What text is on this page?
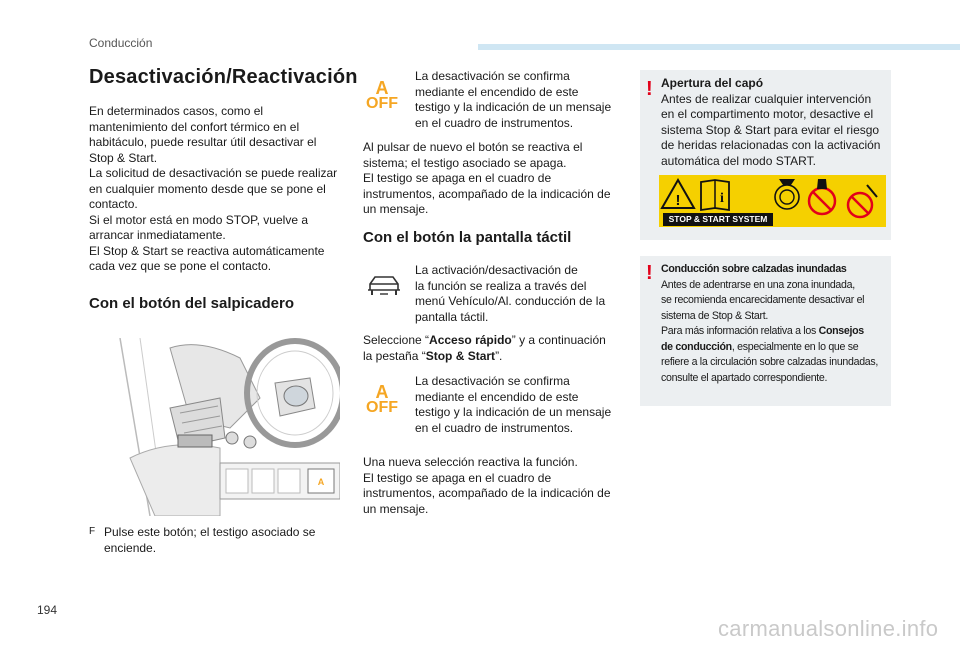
Conducción
Desactivación/Reactivación

En determinados casos, como el

mantenimiento del confort térmico en el

habitáculo, puede resultar útil desactivar el

Stop & Start.

La solicitud de desactivación se puede realizar

en cualquier momento desde que se pone el

contacto.

Si el motor está en modo STOP, vuelve a

arrancar inmediatamente.

El Stop & Start se reactiva automáticamente

cada vez que se pone el contacto.

Con el botón del salpicadero
A
F Pulse este botón; el testigo asociado se

enciende.

A
OFF

La desactivación se confirma

mediante el encendido de este

testigo y la indicación de un mensaje

en el cuadro de instrumentos.

Al pulsar de nuevo el botón se reactiva el

sistema; el testigo asociado se apaga.

El testigo se apaga en el cuadro de

instrumentos, acompañado de la indicación de

un mensaje.

Con el botón la pantalla táctil

La activación/desactivación de

la función se realiza a través del

menú Vehículo/Al. conducción de la

pantalla táctil.

Seleccione “Acceso rápido” y a continuación

la pestaña “Stop & Start”.

A
OFF

La desactivación se confirma

mediante el encendido de este

testigo y la indicación de un mensaje

en el cuadro de instrumentos.

Una nueva selección reactiva la función.

El testigo se apaga en el cuadro de

instrumentos, acompañado de la indicación de

un mensaje.

! Apertura del capó
Antes de realizar cualquier intervención
en el compartimento motor, desactive el
sistema Stop & Start para evitar el riesgo
de heridas relacionadas con la activación
automática del modo START.
!	i
STOP & START SYSTEM
! Conducción sobre calzadas inundadas
Antes de adentrarse en una zona inundada,
se recomienda encarecidamente desactivar el
sistema de Stop & Start.
Para más información relativa a los Consejos
de conducción, especialmente en lo que se
refiere a la circulación sobre calzadas inundadas,
consulte el apartado correspondiente.
194
carmanualsonline.info
